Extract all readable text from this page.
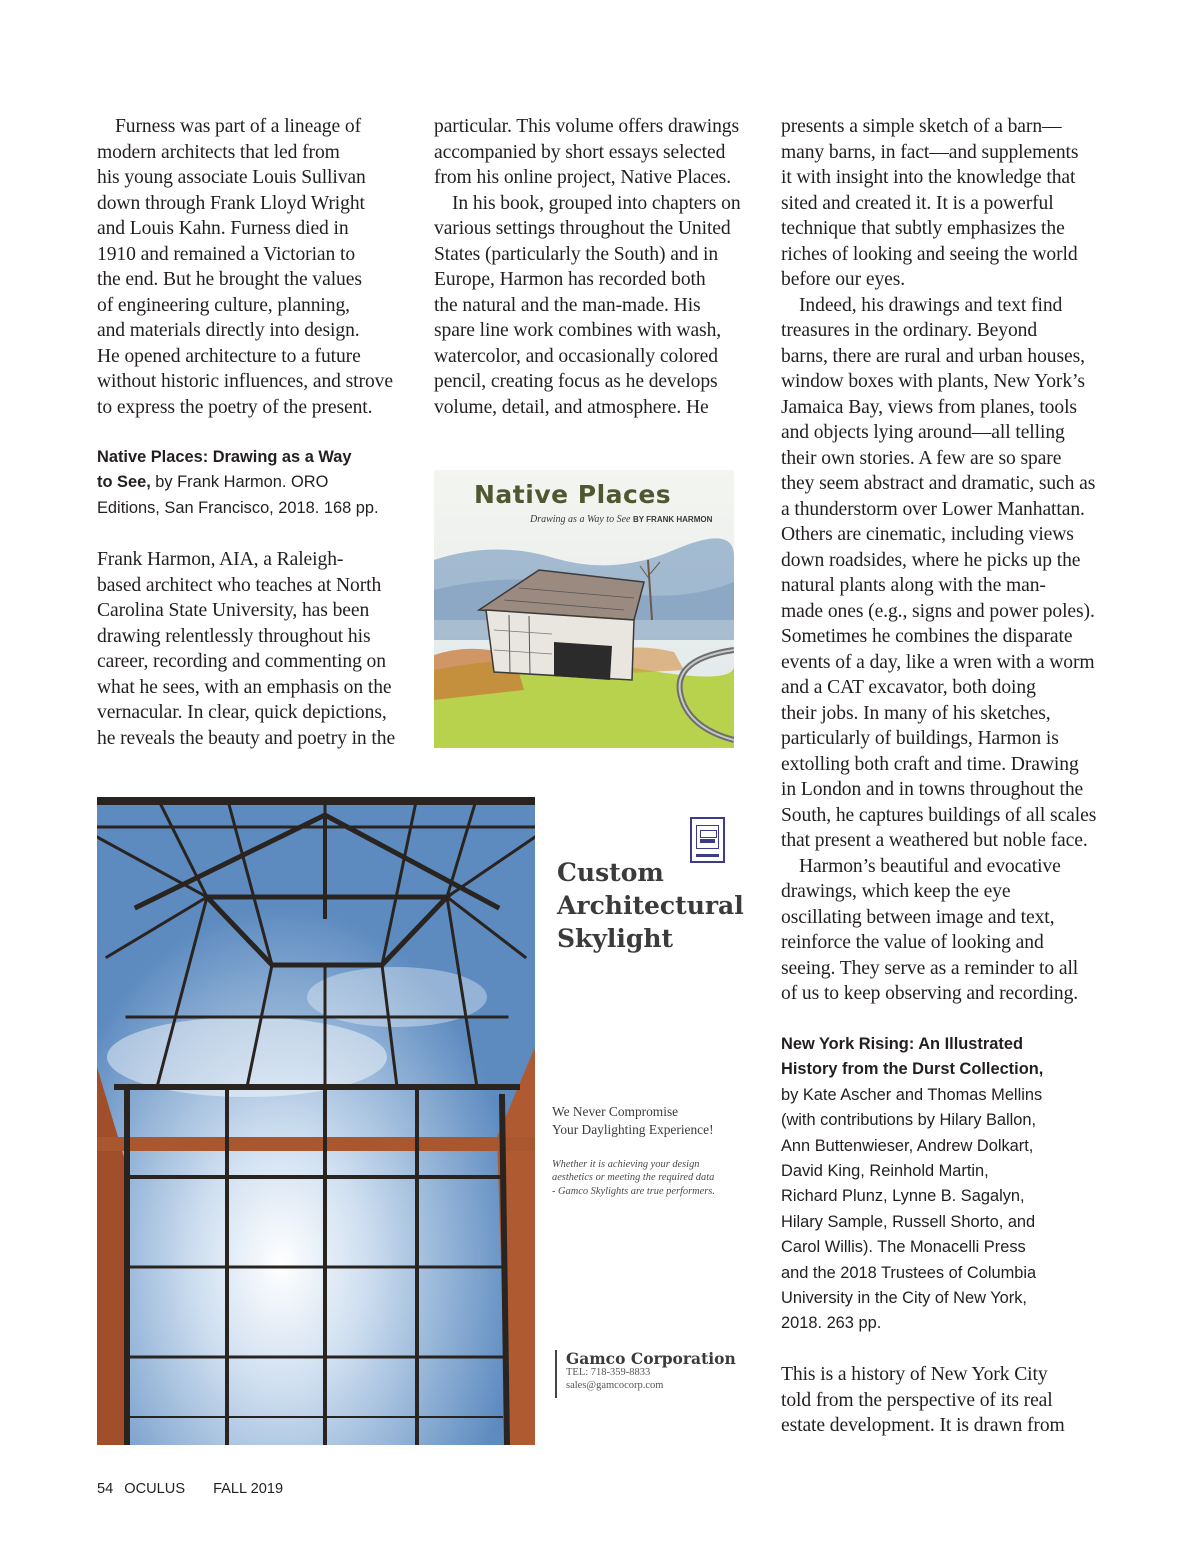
Furness was part of a lineage of
modern architects that led from
his young associate Louis Sullivan
down through Frank Lloyd Wright
and Louis Kahn. Furness died in
1910 and remained a Victorian to
the end. But he brought the values
of engineering culture, planning,
and materials directly into design.
He opened architecture to a future
without historic influences, and strove
to express the poetry of the present.
Native Places: Drawing as a Way
to See, by Frank Harmon. ORO
Editions, San Francisco, 2018. 168 pp.
Frank Harmon, AIA, a Raleigh-
based architect who teaches at North
Carolina State University, has been
drawing relentlessly throughout his
career, recording and commenting on
what he sees, with an emphasis on the
vernacular. In clear, quick depictions,
he reveals the beauty and poetry in the
particular. This volume offers drawings
accompanied by short essays selected
from his online project, Native Places.
In his book, grouped into chapters on
various settings throughout the United
States (particularly the South) and in
Europe, Harmon has recorded both
the natural and the man-made. His
spare line work combines with wash,
watercolor, and occasionally colored
pencil, creating focus as he develops
volume, detail, and atmosphere. He
Native Places
Drawing as a Way to See BY FRANK HARMON
presents a simple sketch of a barn—
many barns, in fact—and supplements
it with insight into the knowledge that
sited and created it. It is a powerful
technique that subtly emphasizes the
riches of looking and seeing the world
before our eyes.
Indeed, his drawings and text find
treasures in the ordinary. Beyond
barns, there are rural and urban houses,
window boxes with plants, New York’s
Jamaica Bay, views from planes, tools
and objects lying around—all telling
their own stories. A few are so spare
they seem abstract and dramatic, such as
a thunderstorm over Lower Manhattan.
Others are cinematic, including views
down roadsides, where he picks up the
natural plants along with the man-
made ones (e.g., signs and power poles).
Sometimes he combines the disparate
events of a day, like a wren with a worm
and a CAT excavator, both doing
their jobs. In many of his sketches,
particularly of buildings, Harmon is
extolling both craft and time. Drawing
in London and in towns throughout the
South, he captures buildings of all scales
that present a weathered but noble face.
Harmon’s beautiful and evocative
drawings, which keep the eye
oscillating between image and text,
reinforce the value of looking and
seeing. They serve as a reminder to all
of us to keep observing and recording.
New York Rising: An Illustrated
History from the Durst Collection,
by Kate Ascher and Thomas Mellins
(with contributions by Hilary Ballon,
Ann Buttenwieser, Andrew Dolkart,
David King, Reinhold Martin,
Richard Plunz, Lynne B. Sagalyn,
Hilary Sample, Russell Shorto, and
Carol Willis). The Monacelli Press
and the 2018 Trustees of Columbia
University in the City of New York,
2018. 263 pp.
This is a history of New York City
told from the perspective of its real
estate development. It is drawn from
Custom
Architectural
Skylight
We Never Compromise
Your Daylighting Experience!
Whether it is achieving your design
aesthetics or meeting the required data
- Gamco Skylights are true performers.
Gamco Corporation
TEL: 718-359-8833
sales@gamcocorp.com
54 OCULUS FALL 2019
